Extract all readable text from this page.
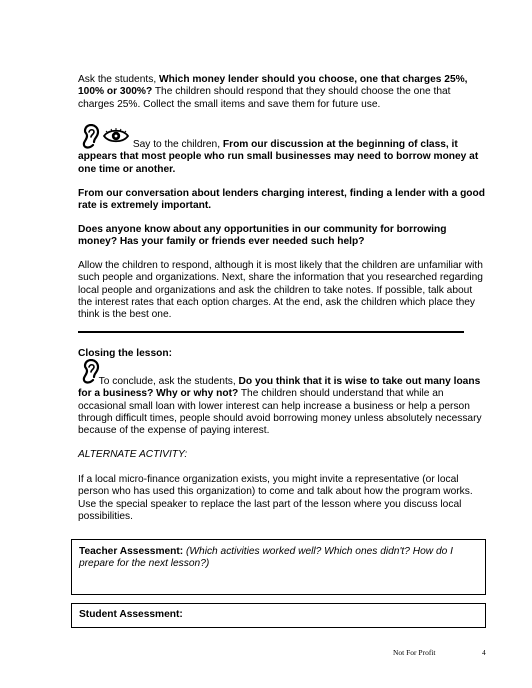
Ask the students, Which money lender should you choose, one that charges 25%, 100% or 300%? The children should respond that they should choose the one that charges 25%. Collect the small items and save them for future use.
Say to the children, From our discussion at the beginning of class, it appears that most people who run small businesses may need to borrow money at one time or another.
From our conversation about lenders charging interest, finding a lender with a good rate is extremely important.
Does anyone know about any opportunities in our community for borrowing money? Has your family or friends ever needed such help?
Allow the children to respond, although it is most likely that the children are unfamiliar with such people and organizations. Next, share the information that you researched regarding local people and organizations and ask the children to take notes. If possible, talk about the interest rates that each option charges. At the end, ask the children which place they think is the best one.
Closing the lesson:
To conclude, ask the students, Do you think that it is wise to take out many loans for a business? Why or why not? The children should understand that while an occasional small loan with lower interest can help increase a business or help a person through difficult times, people should avoid borrowing money unless absolutely necessary because of the expense of paying interest.
ALTERNATE ACTIVITY:
If a local micro-finance organization exists, you might invite a representative (or local person who has used this organization) to come and talk about how the program works. Use the special speaker to replace the last part of the lesson where you discuss local possibilities.
Teacher Assessment: (Which activities worked well? Which ones didn't? How do I prepare for the next lesson?)
Student Assessment:
Not For Profit	4
